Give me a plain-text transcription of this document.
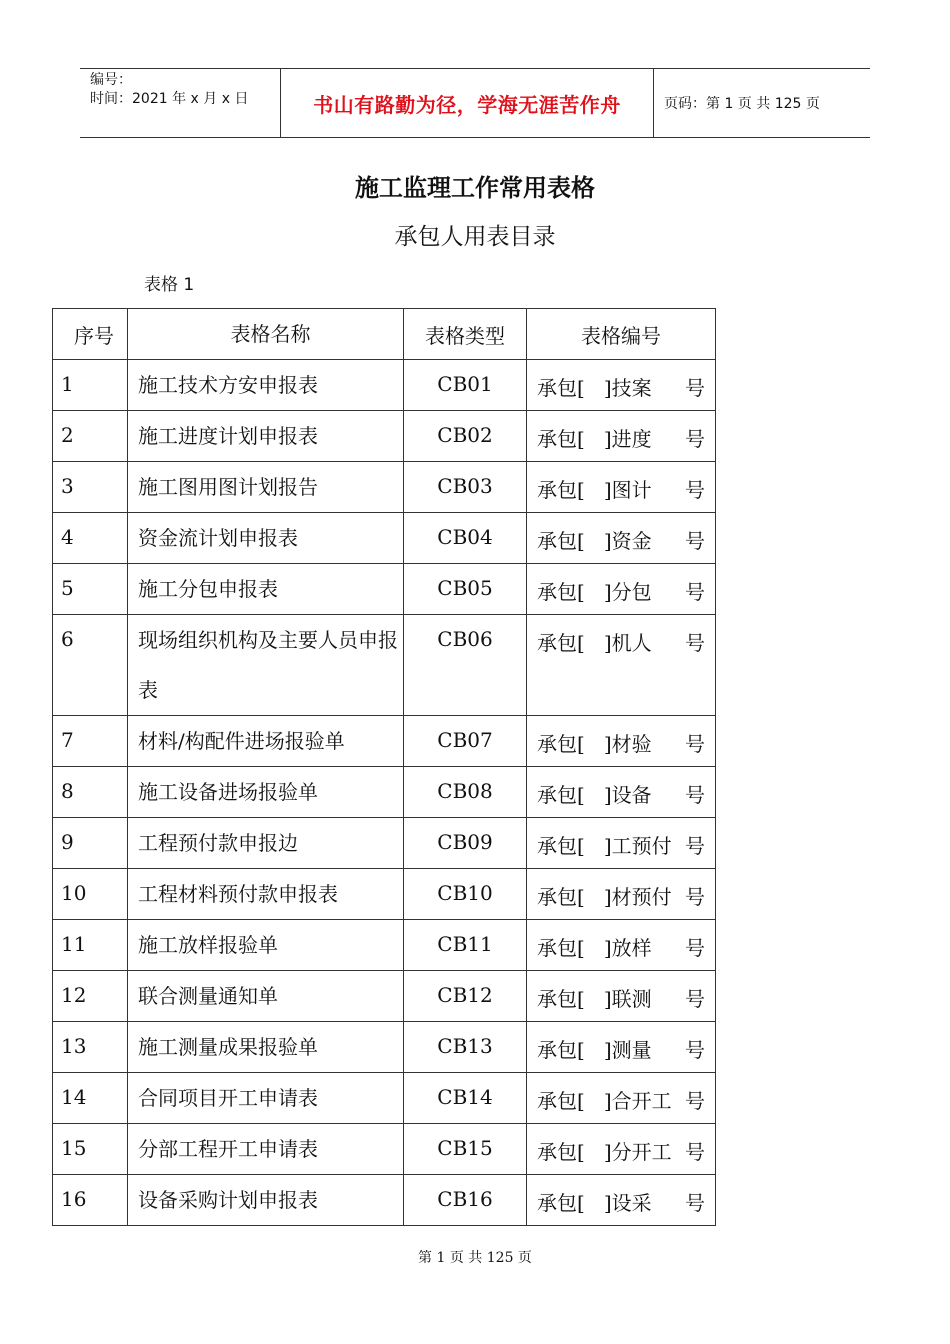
编号：
时间：2021 年 x 月 x 日	书山有路勤为径，学海无涯苦作舟	页码：第 1 页 共 125 页
施工监理工作常用表格
承包人用表目录
表格 1
序号	表格名称	表格类型	表格编号
1	施工技术方安申报表	CB01	承包[   ]技案 号

2	施工进度计划申报表	CB02	承包[   ]进度 号

3	施工图用图计划报告	CB03	承包[   ]图计 号

4	资金流计划申报表	CB04	承包[   ]资金 号

5	施工分包申报表	CB05	承包[   ]分包 号

6	现场组织机构及主要人员申报表	CB06	承包[   ]机人 号

7	材料/构配件进场报验单	CB07	承包[   ]材验 号

8	施工设备进场报验单	CB08	承包[   ]设备 号

9	工程预付款申报边	CB09	承包[   ]工预付 号

10	工程材料预付款申报表	CB10	承包[   ]材预付 号

11	施工放样报验单	CB11	承包[   ]放样 号

12	联合测量通知单	CB12	承包[   ]联测 号

13	施工测量成果报验单	CB13	承包[   ]测量 号

14	合同项目开工申请表	CB14	承包[   ]合开工 号

15	分部工程开工申请表	CB15	承包[   ]分开工 号

16	设备采购计划申报表	CB16	承包[   ]设采 号
第 1 页 共 125 页
